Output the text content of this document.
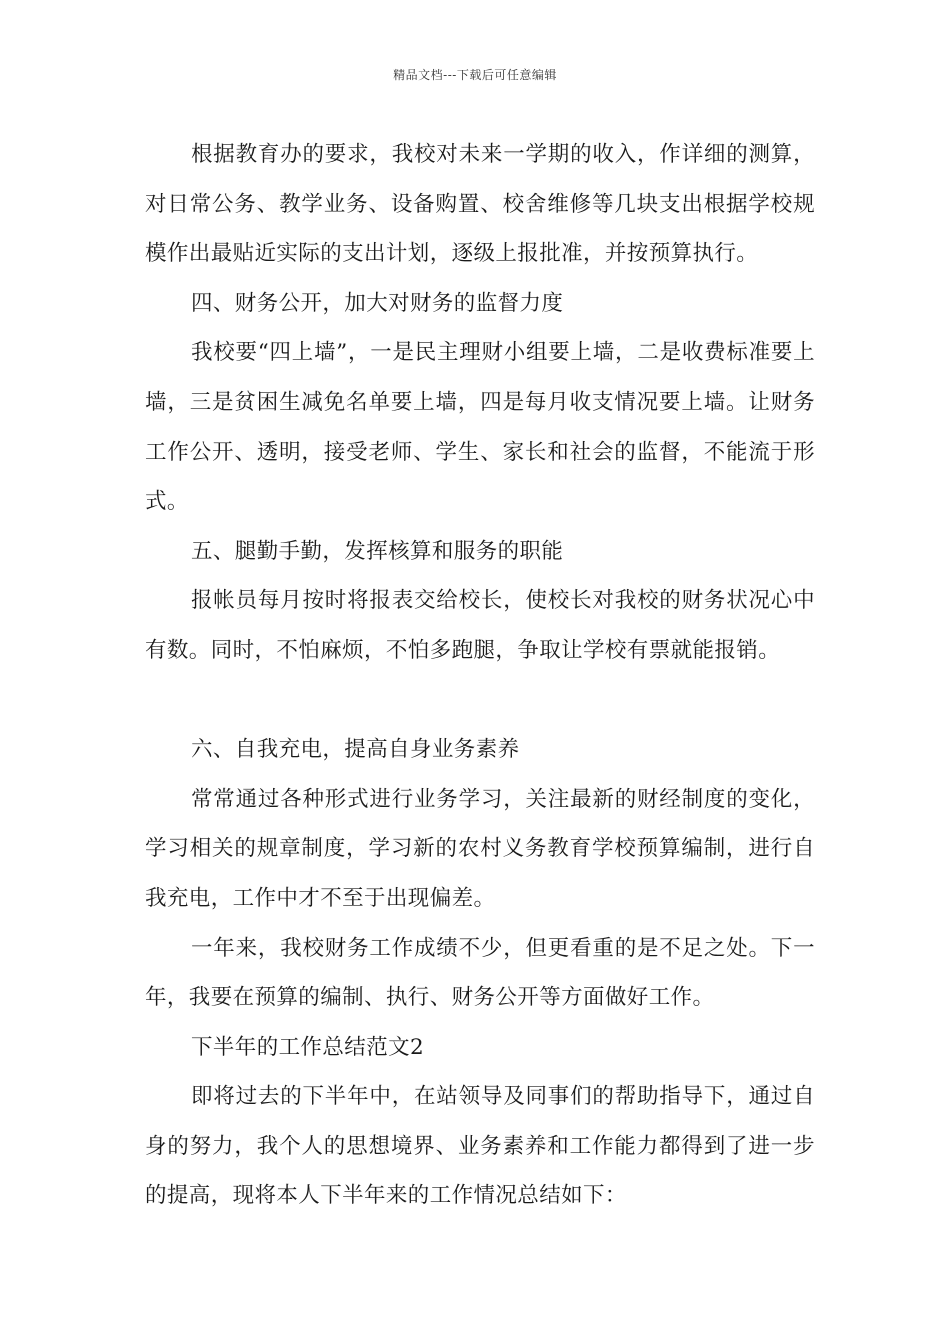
精品文档---下载后可任意编辑

根据教育办的要求，我校对未来一学期的收入，作详细的测算，对日常公务、教学业务、设备购置、校舍维修等几块支出根据学校规模作出最贴近实际的支出计划，逐级上报批准，并按预算执行。

四、财务公开，加大对财务的监督力度

我校要“四上墙”，一是民主理财小组要上墙，二是收费标准要上墙，三是贫困生减免名单要上墙，四是每月收支情况要上墙。让财务工作公开、透明，接受老师、学生、家长和社会的监督，不能流于形式。

五、腿勤手勤，发挥核算和服务的职能

报帐员每月按时将报表交给校长，使校长对我校的财务状况心中有数。同时，不怕麻烦，不怕多跑腿，争取让学校有票就能报销。

六、自我充电，提高自身业务素养

常常通过各种形式进行业务学习，关注最新的财经制度的变化，学习相关的规章制度，学习新的农村义务教育学校预算编制，进行自我充电，工作中才不至于出现偏差。

一年来，我校财务工作成绩不少，但更看重的是不足之处。下一年，我要在预算的编制、执行、财务公开等方面做好工作。

下半年的工作总结范文2

即将过去的下半年中，在站领导及同事们的帮助指导下，通过自身的努力，我个人的思想境界、业务素养和工作能力都得到了进一步的提高，现将本人下半年来的工作情况总结如下：
